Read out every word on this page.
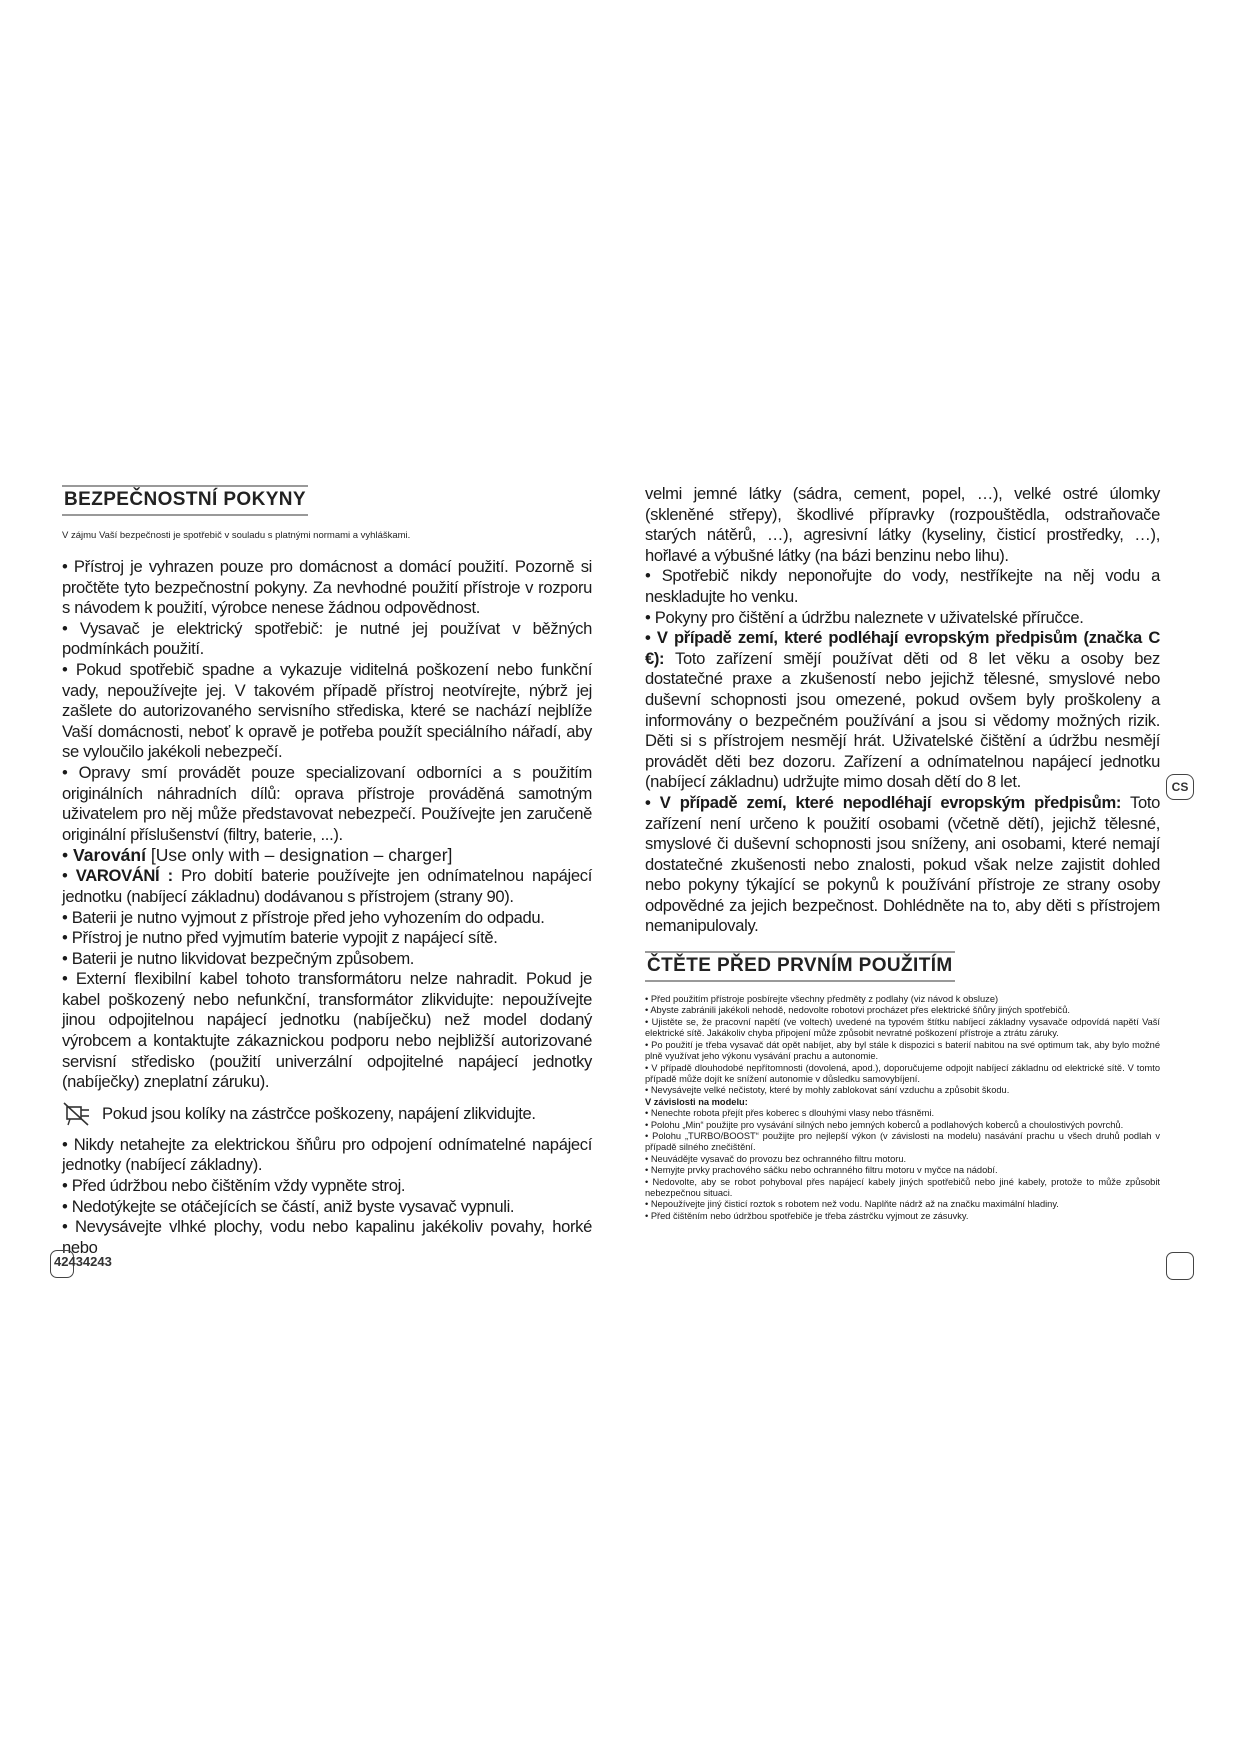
BEZPEČNOSTNÍ POKYNY

V zájmu Vaší bezpečnosti je spotřebič v souladu s platnými normami a vyhláškami.

• Přístroj je vyhrazen pouze pro domácnost a domácí použití. Pozorně si pročtěte tyto bezpečnostní pokyny. Za nevhodné použití přístroje v rozporu s návodem k použití, výrobce nenese žádnou odpovědnost.

• Vysavač je elektrický spotřebič: je nutné jej používat v běžných podmínkách použití.

• Pokud spotřebič spadne a vykazuje viditelná poškození nebo funkční vady, nepoužívejte jej. V takovém případě přístroj neotvírejte, nýbrž jej zašlete do autorizovaného servisního střediska, které se nachází nejblíže Vaší domácnosti, neboť k opravě je potřeba použít speciálního nářadí, aby se vyloučilo jakékoli nebezpečí.

• Opravy smí provádět pouze specializovaní odborníci a s použitím originálních náhradních dílů: oprava přístroje prováděná samotným uživatelem pro něj může představovat nebezpečí. Používejte jen zaručeně originální příslušenství (filtry, baterie, ...).

• Varování [Use only with – designation – charger]

• VAROVÁNÍ : Pro dobití baterie používejte jen odnímatelnou napájecí jednotku (nabíjecí základnu) dodávanou s přístrojem (strany 90).

• Baterii je nutno vyjmout z přístroje před jeho vyhozením do odpadu.

• Přístroj je nutno před vyjmutím baterie vypojit z napájecí sítě.

• Baterii je nutno likvidovat bezpečným způsobem.

• Externí flexibilní kabel tohoto transformátoru nelze nahradit. Pokud je kabel poškozený nebo nefunkční, transformátor zlikvidujte: nepoužívejte jinou odpojitelnou napájecí jednotku (nabíječku) než model dodaný výrobcem a kontaktujte zákaznickou podporu nebo nejbližší autorizované servisní středisko (použití univerzální odpojitelné napájecí jednotky (nabíječky) zneplatní záruku).

Pokud jsou kolíky na zástrčce poškozeny, napájení zlikvidujte.

• Nikdy netahejte za elektrickou šňůru pro odpojení odnímatelné napájecí jednotky (nabíjecí základny).

• Před údržbou nebo čištěním vždy vypněte stroj.

• Nedotýkejte se otáčejících se částí, aniž byste vysavač vypnuli.

• Nevysávejte vlhké plochy, vodu nebo kapalinu jakékoliv povahy, horké nebo

42434243

velmi jemné látky (sádra, cement, popel, …), velké ostré úlomky (skleněné střepy), škodlivé přípravky (rozpouštědla, odstraňovače starých nátěrů, …), agresivní látky (kyseliny, čisticí prostředky, …), hořlavé a výbušné látky (na bázi benzinu nebo lihu).

• Spotřebič nikdy neponořujte do vody, nestříkejte na něj vodu a neskladujte ho venku.

• Pokyny pro čištění a údržbu naleznete v uživatelské příručce.

• V případě zemí, které podléhají evropským předpisům (značka C €): Toto zařízení smějí používat děti od 8 let věku a osoby bez dostatečné praxe a zkušeností nebo jejichž tělesné, smyslové nebo duševní schopnosti jsou omezené, pokud ovšem byly proškoleny a informovány o bezpečném používání a jsou si vědomy možných rizik. Děti si s přístrojem nesmějí hrát. Uživatelské čištění a údržbu nesmějí provádět děti bez dozoru. Zařízení a odnímatelnou napájecí jednotku (nabíjecí základnu) udržujte mimo dosah dětí do 8 let.

• V případě zemí, které nepodléhají evropským předpisům: Toto zařízení není určeno k použití osobami (včetně dětí), jejichž tělesné, smyslové či duševní schopnosti jsou sníženy, ani osobami, které nemají dostatečné zkušenosti nebo znalosti, pokud však nelze zajistit dohled nebo pokyny týkající se pokynů k používání přístroje ze strany osoby odpovědné za jejich bezpečnost. Dohlédněte na to, aby děti s přístrojem nemanipulovaly.

ČTĚTE PŘED PRVNÍM POUŽITÍM

• Před použitím přístroje posbírejte všechny předměty z podlahy (viz návod k obsluze)

• Abyste zabránili jakékoli nehodě, nedovolte robotovi procházet přes elektrické šňůry jiných spotřebičů.

• Ujistěte se, že pracovní napětí (ve voltech) uvedené na typovém štítku nabíjecí základny vysavače odpovídá napětí Vaší elektrické sítě. Jakákoliv chyba připojení může způsobit nevratné poškození přístroje a ztrátu záruky.

• Po použití je třeba vysavač dát opět nabíjet, aby byl stále k dispozici s baterií nabitou na své optimum tak, aby bylo možné plně využívat jeho výkonu vysávání prachu a autonomie.

• V případě dlouhodobé nepřítomnosti (dovolená, apod.), doporučujeme odpojit nabíjecí základnu od elektrické sítě. V tomto případě může dojít ke snížení autonomie v důsledku samovybíjení.

• Nevysávejte velké nečistoty, které by mohly zablokovat sání vzduchu a způsobit škodu.

V závislosti na modelu:

• Nenechte robota přejít přes koberec s dlouhými vlasy nebo třásněmi.

• Polohu „Min“ použijte pro vysávání silných nebo jemných koberců a podlahových koberců a choulostivých povrchů.

• Polohu „TURBO/BOOST“ použijte pro nejlepší výkon (v závislosti na modelu) nasávání prachu u všech druhů podlah v případě silného znečištění.

• Neuvádějte vysavač do provozu bez ochranného filtru motoru.

• Nemyjte prvky prachového sáčku nebo ochranného filtru motoru v myčce na nádobí.

• Nedovolte, aby se robot pohyboval přes napájecí kabely jiných spotřebičů nebo jiné kabely, protože to může způsobit nebezpečnou situaci.

• Nepoužívejte jiný čisticí roztok s robotem než vodu. Naplňte nádrž až na značku maximální hladiny.

• Před čištěním nebo údržbou spotřebiče je třeba zástrčku vyjmout ze zásuvky.

CS
